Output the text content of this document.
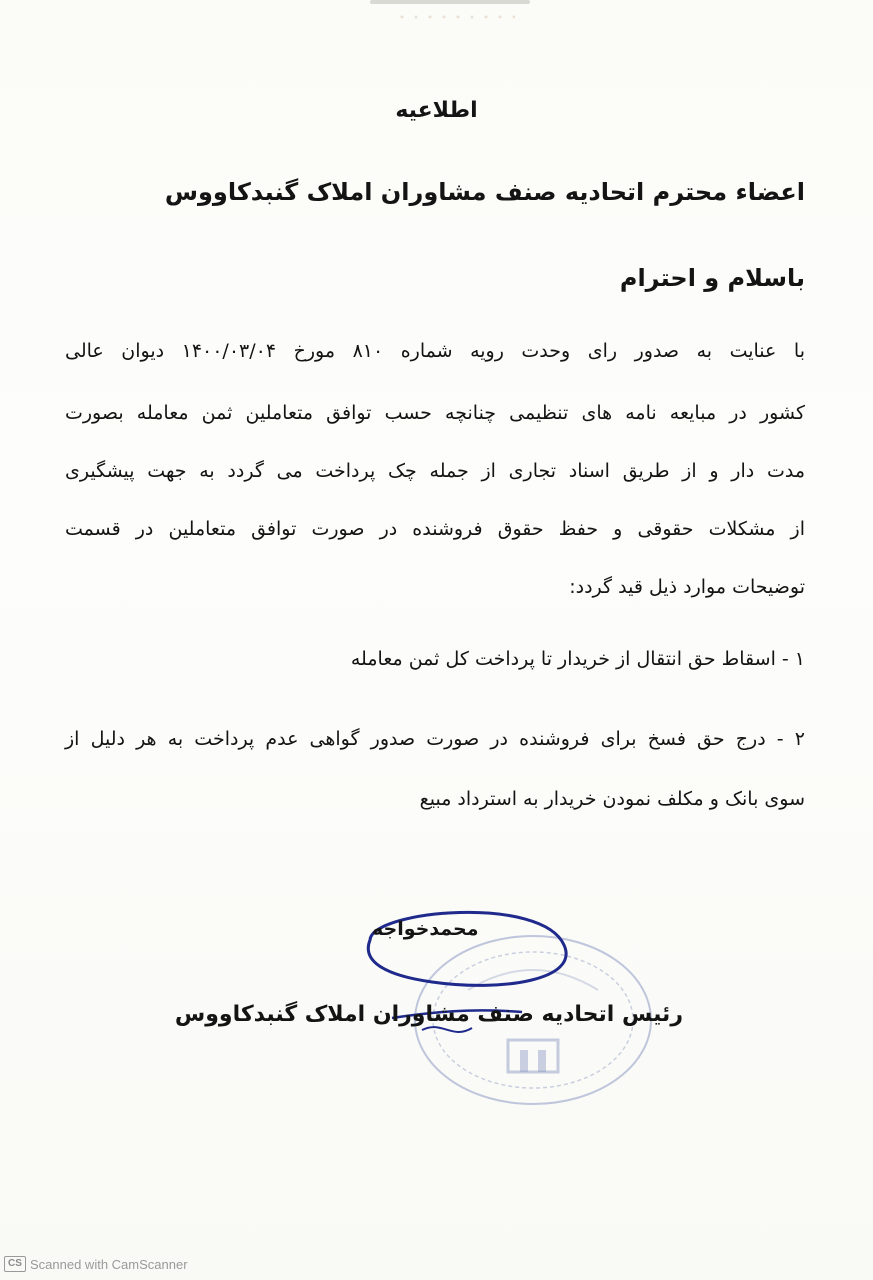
اطلاعیه
اعضاء محترم اتحادیه صنف مشاوران املاک گنبدکاووس
باسلام و احترام
با عنایت به صدور رای وحدت رویه شماره ۸۱۰ مورخ ۱۴۰۰/۰۳/۰۴ دیوان عالی
کشور در مبایعه نامه های تنظیمی چنانچه حسب توافق متعاملین ثمن معامله بصورت
مدت دار و از طریق اسناد تجاری از جمله چک پرداخت می گردد به جهت پیشگیری
از مشکلات حقوقی و حفظ حقوق فروشنده در صورت توافق متعاملین در قسمت
توضیحات موارد ذیل قید گردد:
۱ - اسقاط حق انتقال از خریدار تا پرداخت کل ثمن معامله
۲ - درج حق فسخ برای فروشنده در صورت صدور گواهی عدم پرداخت به هر دلیل از
سوی بانک و مکلف نمودن خریدار به استرداد مبیع
محمدخواجه
رئیس اتحادیه صنف مشاوران املاک گنبدکاووس
CS Scanned with CamScanner
